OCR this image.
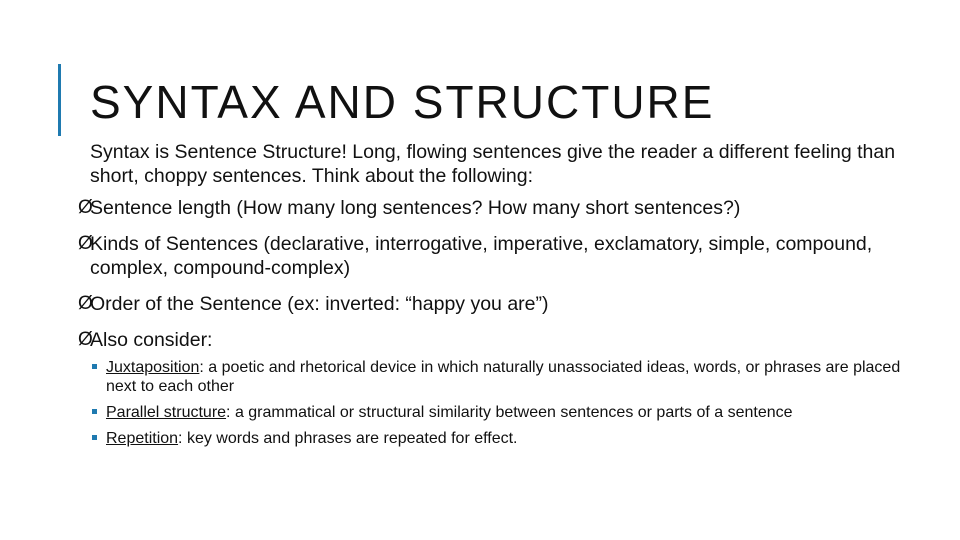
SYNTAX AND STRUCTURE

Syntax is Sentence Structure! Long, flowing sentences give the reader a different feeling than short, choppy sentences. Think about the following:

Ø
Sentence length (How many long sentences? How many short sentences?)

Ø
Kinds of Sentences (declarative, interrogative, imperative, exclamatory, simple, compound, complex, compound-complex)

Ø
Order of the Sentence (ex: inverted: “happy you are”)

Ø
Also consider:

Juxtaposition: a poetic and rhetorical device in which naturally unassociated ideas, words, or phrases are placed next to each other
Parallel structure: a grammatical or structural similarity between sentences or parts of a sentence
Repetition: key words and phrases are repeated for effect.
